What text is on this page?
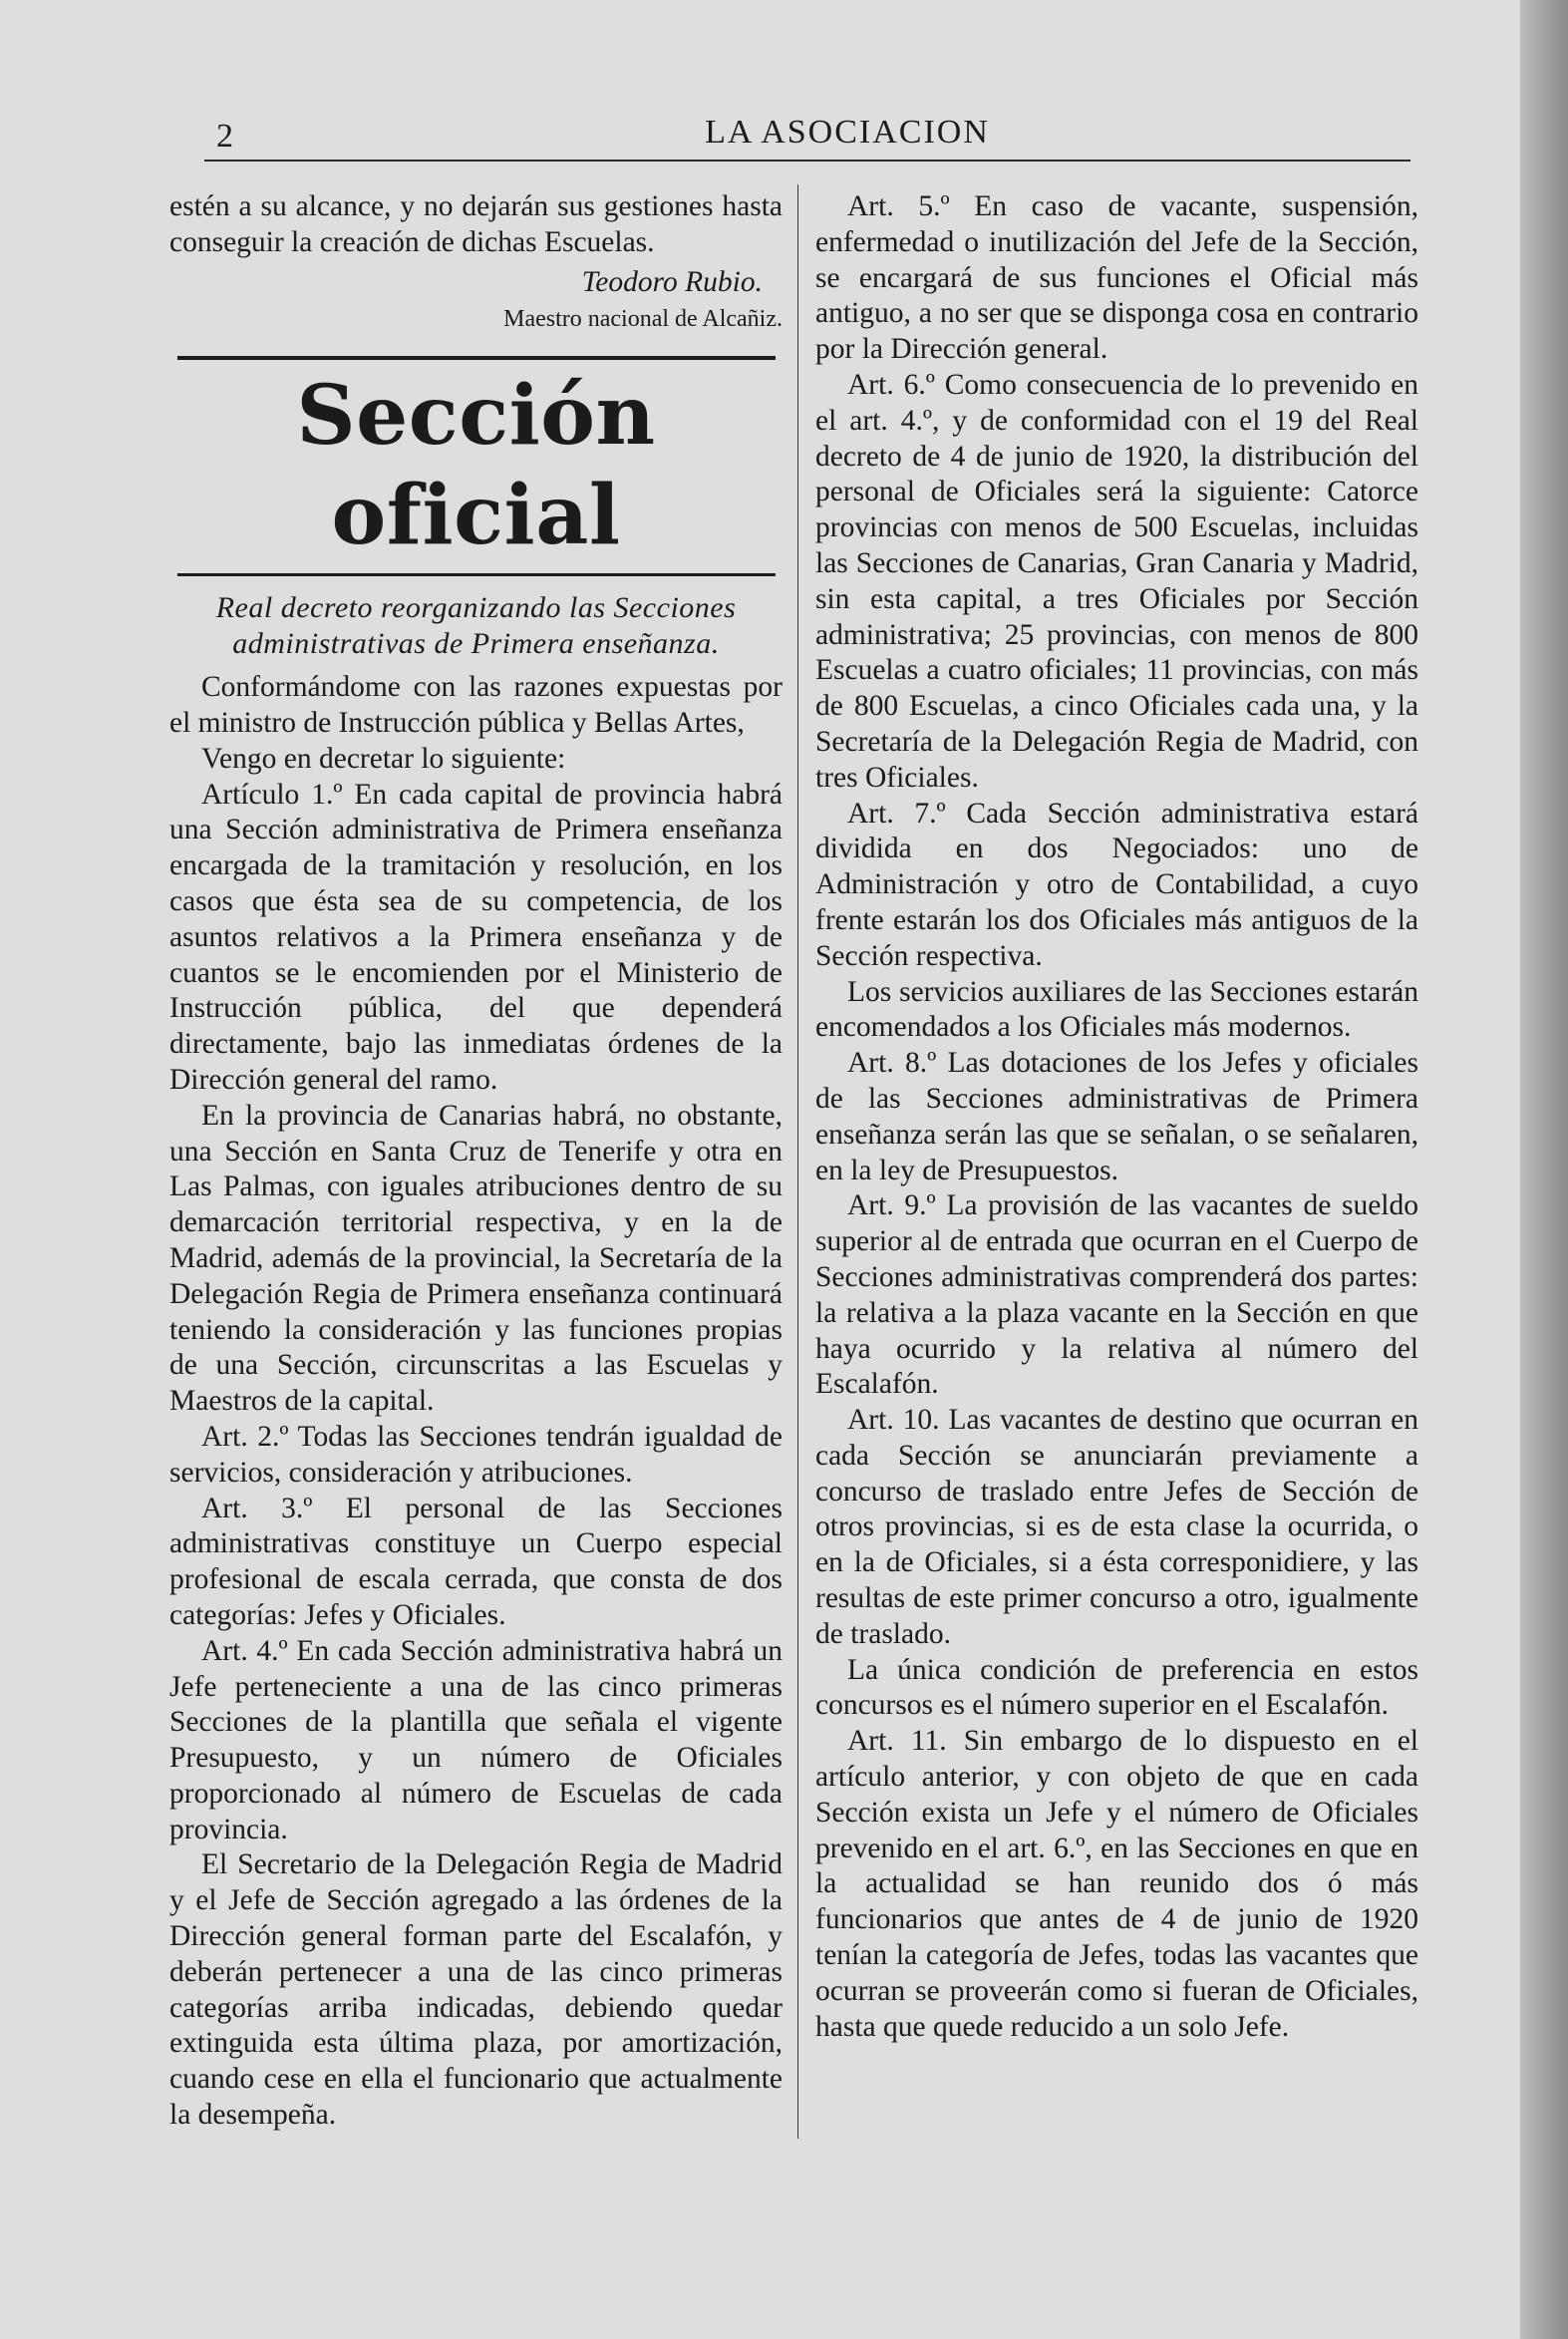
2	LA ASOCIACION

estén a su alcance, y no dejarán sus gestiones hasta conseguir la creación de dichas Escuelas.

Teodoro Rubio.

Maestro nacional de Alcañiz.

Sección oficial

Real decreto reorganizando las Secciones administrativas de Primera enseñanza.

Conformándome con las razones expuestas por el ministro de Instrucción pública y Bellas Artes,

Vengo en decretar lo siguiente:

Artículo 1.º En cada capital de provincia habrá una Sección administrativa de Primera enseñanza encargada de la tramitación y resolución, en los casos que ésta sea de su competencia, de los asuntos relativos a la Primera enseñanza y de cuantos se le encomienden por el Ministerio de Instrucción pública, del que dependerá directamente, bajo las inmediatas órdenes de la Dirección general del ramo.

En la provincia de Canarias habrá, no obstante, una Sección en Santa Cruz de Tenerife y otra en Las Palmas, con iguales atribuciones dentro de su demarcación territorial respectiva, y en la de Madrid, además de la provincial, la Secretaría de la Delegación Regia de Primera enseñanza continuará teniendo la consideración y las funciones propias de una Sección, circunscritas a las Escuelas y Maestros de la capital.

Art. 2.º Todas las Secciones tendrán igualdad de servicios, consideración y atribuciones.

Art. 3.º El personal de las Secciones administrativas constituye un Cuerpo especial profesional de escala cerrada, que consta de dos categorías: Jefes y Oficiales.

Art. 4.º En cada Sección administrativa habrá un Jefe perteneciente a una de las cinco primeras Secciones de la plantilla que señala el vigente Presupuesto, y un número de Oficiales proporcionado al número de Escuelas de cada provincia.

El Secretario de la Delegación Regia de Madrid y el Jefe de Sección agregado a las órdenes de la Dirección general forman parte del Escalafón, y deberán pertenecer a una de las cinco primeras categorías arriba indicadas, debiendo quedar extinguida esta última plaza, por amortización, cuando cese en ella el funcionario que actualmente la desempeña.

Art. 5.º En caso de vacante, suspensión, enfermedad o inutilización del Jefe de la Sección, se encargará de sus funciones el Oficial más antiguo, a no ser que se disponga cosa en contrario por la Dirección general.

Art. 6.º Como consecuencia de lo prevenido en el art. 4.º, y de conformidad con el 19 del Real decreto de 4 de junio de 1920, la distribución del personal de Oficiales será la siguiente: Catorce provincias con menos de 500 Escuelas, incluidas las Secciones de Canarias, Gran Canaria y Madrid, sin esta capital, a tres Oficiales por Sección administrativa; 25 provincias, con menos de 800 Escuelas a cuatro oficiales; 11 provincias, con más de 800 Escuelas, a cinco Oficiales cada una, y la Secretaría de la Delegación Regia de Madrid, con tres Oficiales.

Art. 7.º Cada Sección administrativa estará dividida en dos Negociados: uno de Administración y otro de Contabilidad, a cuyo frente estarán los dos Oficiales más antiguos de la Sección respectiva.

Los servicios auxiliares de las Secciones estarán encomendados a los Oficiales más modernos.

Art. 8.º Las dotaciones de los Jefes y oficiales de las Secciones administrativas de Primera enseñanza serán las que se señalan, o se señalaren, en la ley de Presupuestos.

Art. 9.º La provisión de las vacantes de sueldo superior al de entrada que ocurran en el Cuerpo de Secciones administrativas comprenderá dos partes: la relativa a la plaza vacante en la Sección en que haya ocurrido y la relativa al número del Escalafón.

Art. 10. Las vacantes de destino que ocurran en cada Sección se anunciarán previamente a concurso de traslado entre Jefes de Sección de otros provincias, si es de esta clase la ocurrida, o en la de Oficiales, si a ésta corresponidiere, y las resultas de este primer concurso a otro, igualmente de traslado.

La única condición de preferencia en estos concursos es el número superior en el Escalafón.

Art. 11. Sin embargo de lo dispuesto en el artículo anterior, y con objeto de que en cada Sección exista un Jefe y el número de Oficiales prevenido en el art. 6.º, en las Secciones en que en la actualidad se han reunido dos ó más funcionarios que antes de 4 de junio de 1920 tenían la categoría de Jefes, todas las vacantes que ocurran se proveerán como si fueran de Oficiales, hasta que quede reducido a un solo Jefe.
